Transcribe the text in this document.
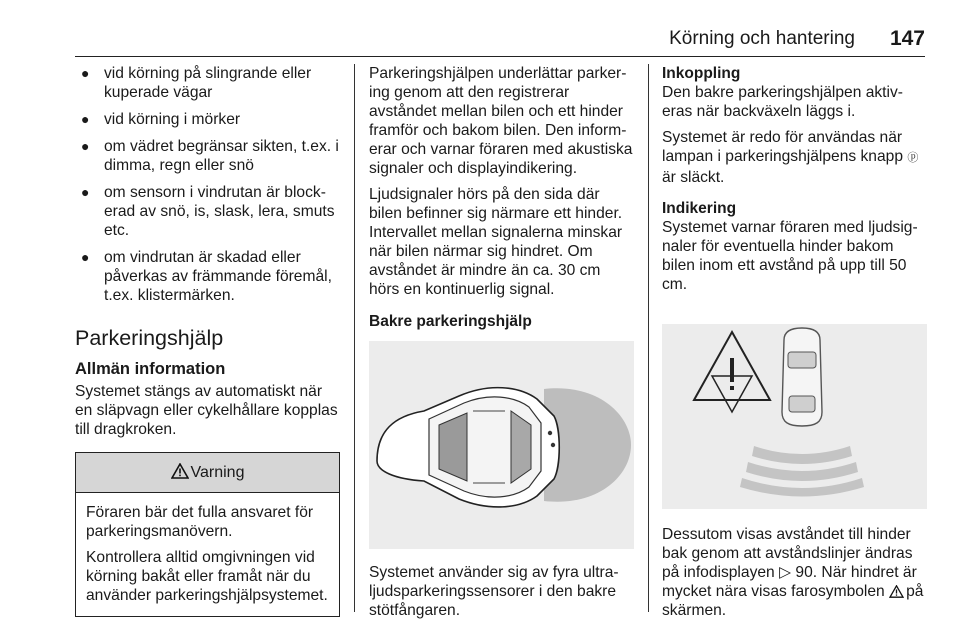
Körning och hantering 147
● vid körning på slingrande eller kuperade vägar
● vid körning i mörker
● om vädret begränsar sikten, t.ex. i dimma, regn eller snö
● om sensorn i vindrutan är blockerad av snö, is, slask, lera, smuts etc.
● om vindrutan är skadad eller påverkas av främmande föremål, t.ex. klistermärken.
Parkeringshjälp
Allmän information

Systemet stängs av automatiskt när en släpvagn eller cykelhållare kopplas till dragkroken.

Varning

Föraren bär det fulla ansvaret för parkeringsmanövern.

Kontrollera alltid omgivningen vid körning bakåt eller framåt när du använder parkeringshjälpsystemet.

Parkeringshjälpen underlättar parkering genom att den registrerar avståndet mellan bilen och ett hinder framför och bakom bilen. Den informerar och varnar föraren med akustiska signaler och displayindikering.

Ljudsignaler hörs på den sida där bilen befinner sig närmare ett hinder. Intervallet mellan signalerna minskar när bilen närmar sig hindret. Om avståndet är mindre än ca. 30 cm hörs en kontinuerlig signal.

Bakre parkeringshjälp

Systemet använder sig av fyra ultraljudsparkeringssensorer i den bakre stötfångaren.

Inkoppling

Den bakre parkeringshjälpen aktiveras när backväxeln läggs i.

Systemet är redo för användas när lampan i parkeringshjälpens knapp ⓟ är släckt.

Indikering

Systemet varnar föraren med ljudsignaler för eventuella hinder bakom bilen inom ett avstånd på upp till 50 cm.

Dessutom visas avståndet till hinder bak genom att avståndslinjer ändras på infodisplayen ▷ 90. När hindret är mycket nära visas farosymbolen på skärmen.
